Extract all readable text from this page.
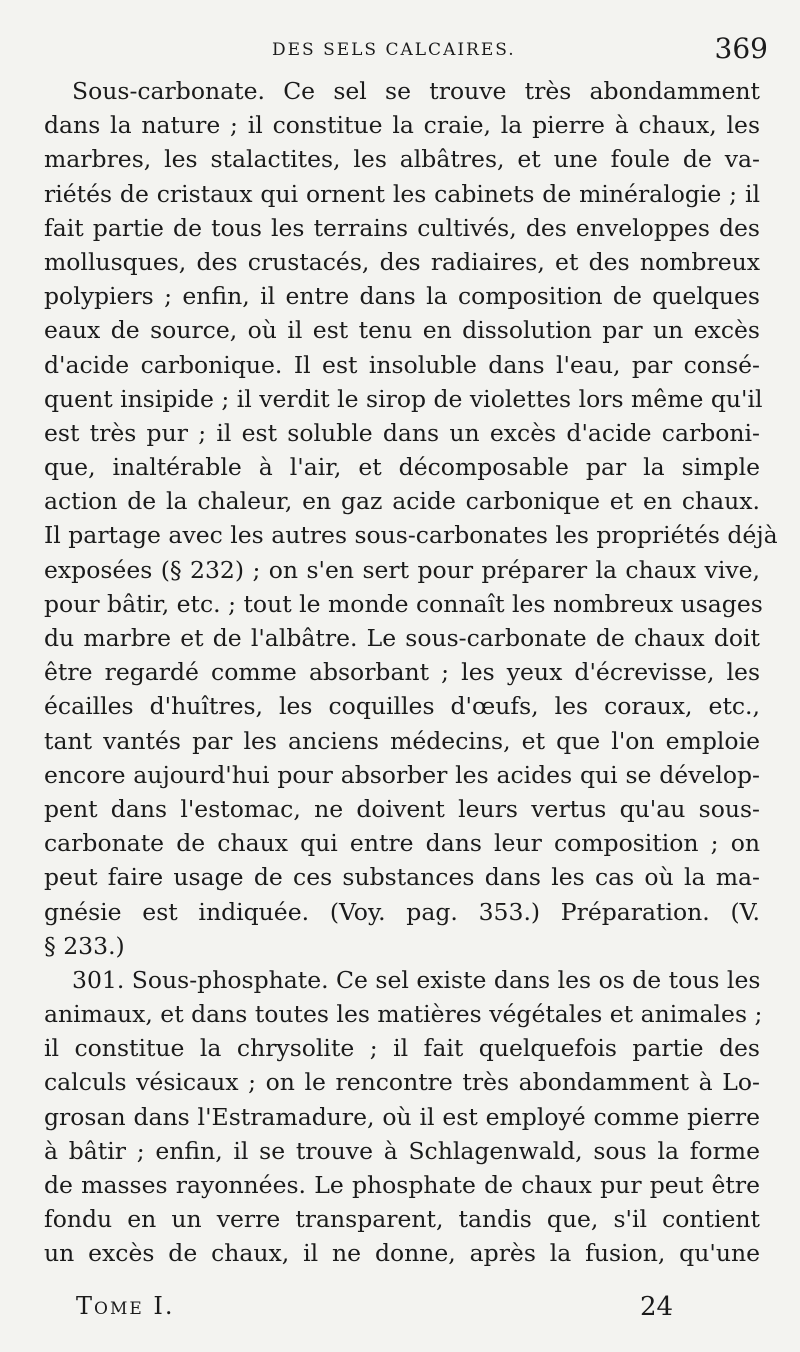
DES SELS CALCAIRES.	369
Sous-carbonate. Ce sel se trouve très abondamment
dans la nature ; il constitue la craie, la pierre à chaux, les
marbres, les stalactites, les albâtres, et une foule de va-
riétés de cristaux qui ornent les cabinets de minéralogie ; il
fait partie de tous les terrains cultivés, des enveloppes des
mollusques, des crustacés, des radiaires, et des nombreux
polypiers ; enfin, il entre dans la composition de quelques
eaux de source, où il est tenu en dissolution par un excès
d'acide carbonique. Il est insoluble dans l'eau, par consé-
quent insipide ; il verdit le sirop de violettes lors même qu'il
est très pur ; il est soluble dans un excès d'acide carboni-
que, inaltérable à l'air, et décomposable par la simple
action de la chaleur, en gaz acide carbonique et en chaux.
Il partage avec les autres sous-carbonates les propriétés déjà
exposées (§ 232) ; on s'en sert pour préparer la chaux vive,
pour bâtir, etc. ; tout le monde connaît les nombreux usages
du marbre et de l'albâtre. Le sous-carbonate de chaux doit
être regardé comme absorbant ; les yeux d'écrevisse, les
écailles d'huîtres, les coquilles d'œufs, les coraux, etc.,
tant vantés par les anciens médecins, et que l'on emploie
encore aujourd'hui pour absorber les acides qui se dévelop-
pent dans l'estomac, ne doivent leurs vertus qu'au sous-
carbonate de chaux qui entre dans leur composition ; on
peut faire usage de ces substances dans les cas où la ma-
gnésie est indiquée. (Voy. pag. 353.) Préparation. (V.
§ 233.)
301. Sous-phosphate. Ce sel existe dans les os de tous les
animaux, et dans toutes les matières végétales et animales ;
il constitue la chrysolite ; il fait quelquefois partie des
calculs vésicaux ; on le rencontre très abondamment à Lo-
grosan dans l'Estramadure, où il est employé comme pierre
à bâtir ; enfin, il se trouve à Schlagenwald, sous la forme
de masses rayonnées. Le phosphate de chaux pur peut être
fondu en un verre transparent, tandis que, s'il contient
un excès de chaux, il ne donne, après la fusion, qu'une
Tome I.	24
